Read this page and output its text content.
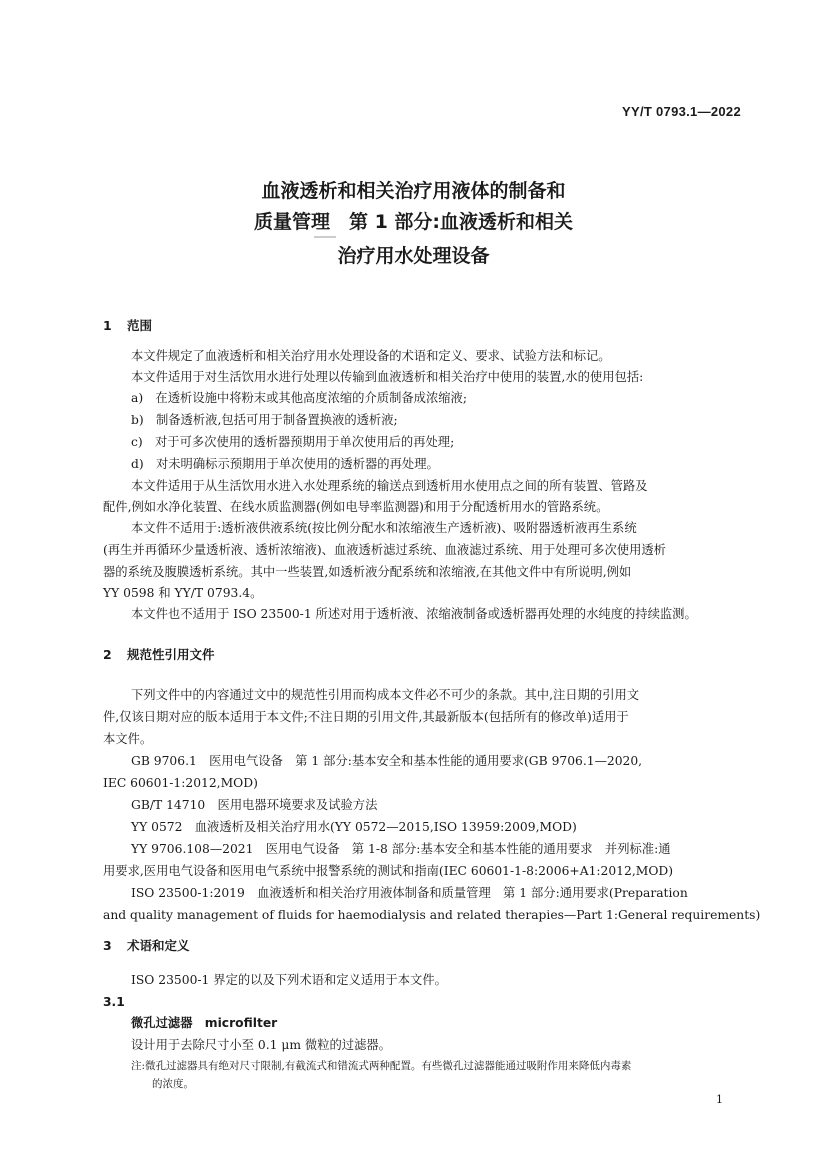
YY/T 0793.1—2022
血液透析和相关治疗用液体的制备和
质量管理　第 1 部分:血液透析和相关
治疗用水处理设备
1 范围
本文件规定了血液透析和相关治疗用水处理设备的术语和定义、要求、试验方法和标记。
本文件适用于对生活饮用水进行处理以传输到血液透析和相关治疗中使用的装置,水的使用包括:
a)　在透析设施中将粉末或其他高度浓缩的介质制备成浓缩液;
b)　制备透析液,包括可用于制备置换液的透析液;
c)　对于可多次使用的透析器预期用于单次使用后的再处理;
d)　对未明确标示预期用于单次使用的透析器的再处理。
本文件适用于从生活饮用水进入水处理系统的输送点到透析用水使用点之间的所有装置、管路及
配件,例如水净化装置、在线水质监测器(例如电导率监测器)和用于分配透析用水的管路系统。
本文件不适用于:透析液供液系统(按比例分配水和浓缩液生产透析液)、吸附器透析液再生系统
(再生并再循环少量透析液、透析浓缩液)、血液透析滤过系统、血液滤过系统、用于处理可多次使用透析
器的系统及腹膜透析系统。其中一些装置,如透析液分配系统和浓缩液,在其他文件中有所说明,例如
YY 0598 和 YY/T 0793.4。
本文件也不适用于 ISO 23500-1 所述对用于透析液、浓缩液制备或透析器再处理的水纯度的持续监测。
2 规范性引用文件
下列文件中的内容通过文中的规范性引用而构成本文件必不可少的条款。其中,注日期的引用文
件,仅该日期对应的版本适用于本文件;不注日期的引用文件,其最新版本(包括所有的修改单)适用于
本文件。
GB 9706.1　医用电气设备　第 1 部分:基本安全和基本性能的通用要求(GB 9706.1—2020,
IEC 60601-1:2012,MOD)
GB/T 14710　医用电器环境要求及试验方法
YY 0572　血液透析及相关治疗用水(YY 0572—2015,ISO 13959:2009,MOD)
YY 9706.108—2021　医用电气设备　第 1-8 部分:基本安全和基本性能的通用要求　并列标准:通
用要求,医用电气设备和医用电气系统中报警系统的测试和指南(IEC 60601-1-8:2006+A1:2012,MOD)
ISO 23500-1:2019　血液透析和相关治疗用液体制备和质量管理　第 1 部分:通用要求(Preparation
and quality management of fluids for haemodialysis and related therapies—Part 1:General requirements)
3 术语和定义
ISO 23500-1 界定的以及下列术语和定义适用于本文件。
3.1
微孔过滤器　microfilter
设计用于去除尺寸小至 0.1 μm 微粒的过滤器。
注:微孔过滤器具有绝对尺寸限制,有截流式和错流式两种配置。有些微孔过滤器能通过吸附作用来降低内毒素
的浓度。
1
